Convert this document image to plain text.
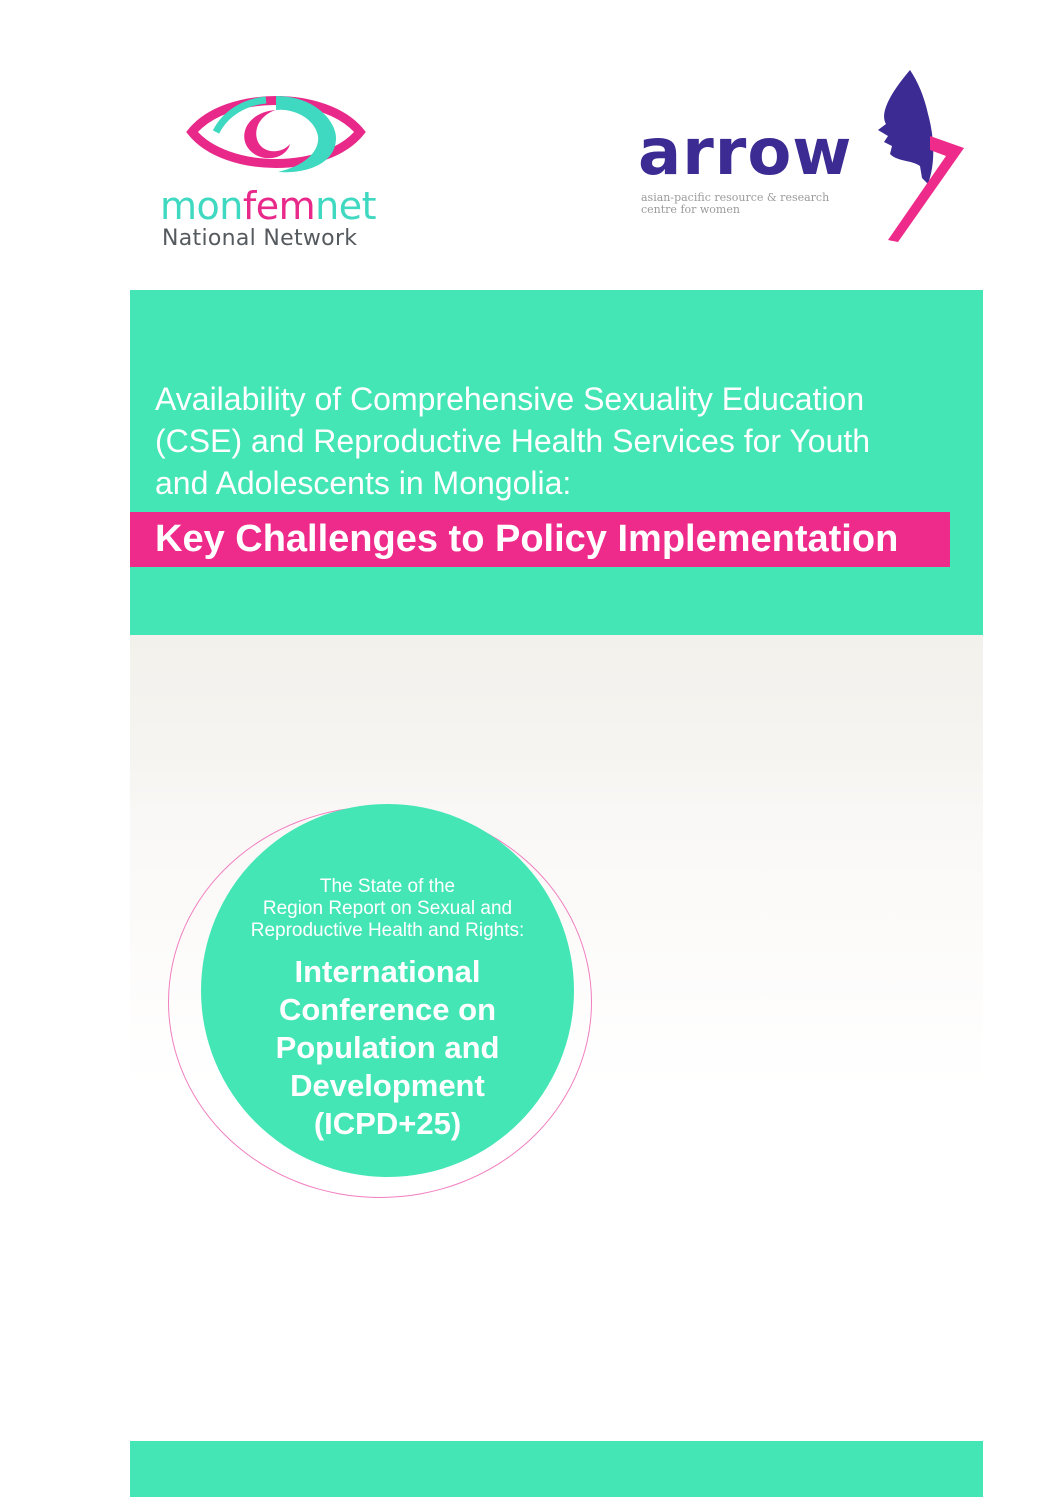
monfemnet
National Network
arrow
asian-pacific resource & research
centre for women
Availability of Comprehensive Sexuality Education
(CSE) and Reproductive Health Services for Youth
and Adolescents in Mongolia:
Key Challenges to Policy Implementation
The State of the
Region Report on Sexual and
Reproductive Health and Rights:
International
Conference on
Population and
Development
(ICPD+25)
